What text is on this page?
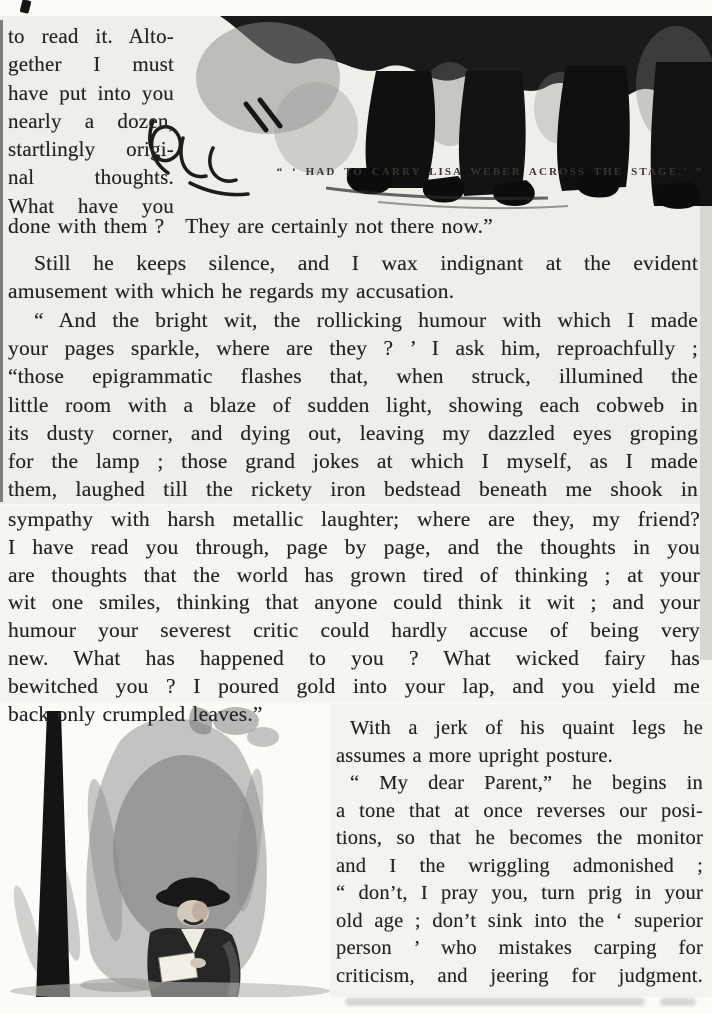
“ ‘ HAD TO CARRY LISA WEBER ACROSS THE STAGE.’ ”
to read it. Alto-
gether I must
have put into you
nearly a dozen,
startlingly origi-
nal thoughts.
What have you
done with them ?   They are certainly not there now.”
Still he keeps silence, and I wax indignant at the evident
amusement with which he regards my accusation.
“ And the bright wit, the rollicking humour with which I made
your pages sparkle, where are they ? ’ I ask him, reproachfully ;
“those epigrammatic flashes that, when struck, illumined the
little room with a blaze of sudden light, showing each cobweb in
its dusty corner, and dying out, leaving my dazzled eyes groping
for the lamp ; those grand jokes at which I myself, as I made
them, laughed till the rickety iron bedstead beneath me shook in
sympathy with harsh metallic laughter; where are they, my friend?
I have read you through, page by page, and the thoughts in you
are thoughts that the world has grown tired of thinking ; at your
wit one smiles, thinking that anyone could think it wit ; and your
humour your severest critic could hardly accuse of being very
new. What has happened to you ? What wicked fairy has
bewitched you ? I poured gold into your lap, and you yield me
back only crumpled leaves.”
With a jerk of his quaint legs he
assumes a more upright posture.
“ My dear Parent,” he begins in
a tone that at once reverses our posi-
tions, so that he becomes the monitor
and I the wriggling admonished ;
“ don’t, I pray you, turn prig in your
old age ; don’t sink into the ‘ superior
person ’ who mistakes carping for
criticism, and jeering for judgment.
